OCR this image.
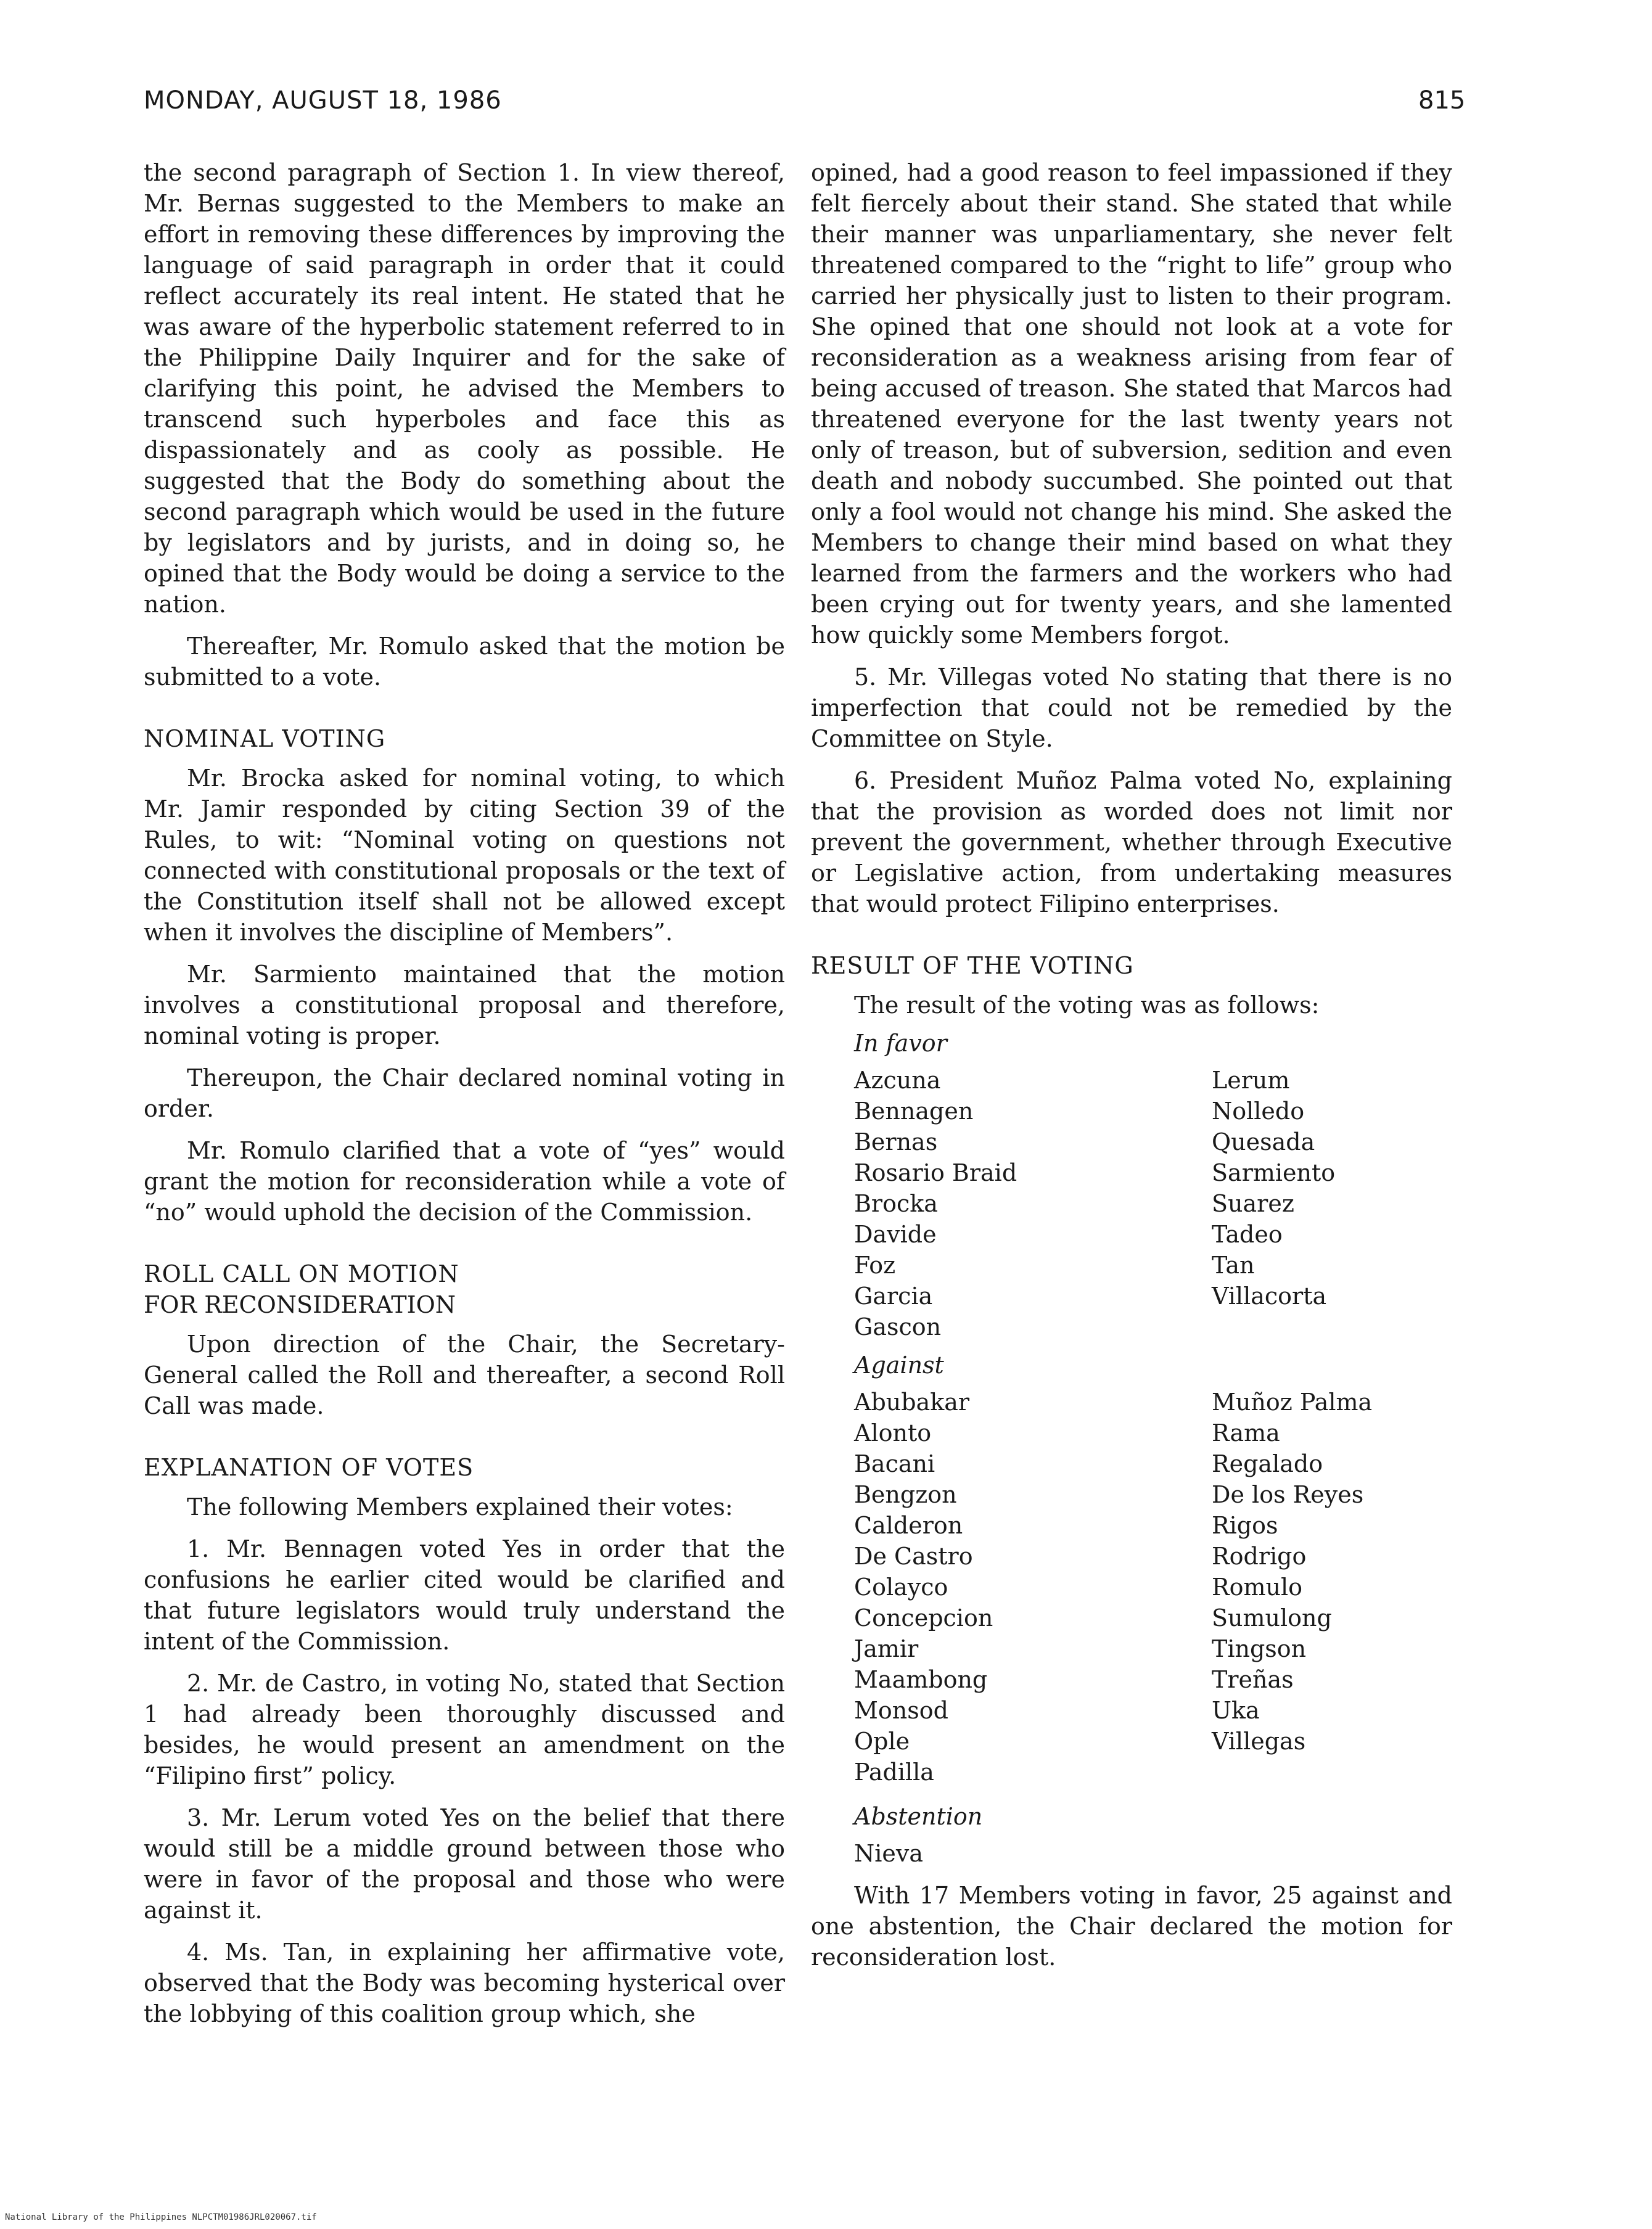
MONDAY, AUGUST 18, 1986	815

the second paragraph of Section 1. In view thereof, Mr. Bernas suggested to the Members to make an effort in removing these differences by improving the language of said paragraph in order that it could reflect accurately its real intent. He stated that he was aware of the hyperbolic statement referred to in the Philippine Daily Inquirer and for the sake of clarifying this point, he advised the Members to transcend such hyperboles and face this as dispassionately and as cooly as possible. He suggested that the Body do something about the second paragraph which would be used in the future by legislators and by jurists, and in doing so, he opined that the Body would be doing a service to the nation.

Thereafter, Mr. Romulo asked that the motion be submitted to a vote.

NOMINAL VOTING

Mr. Brocka asked for nominal voting, to which Mr. Jamir responded by citing Section 39 of the Rules, to wit: “Nominal voting on questions not connected with constitutional proposals or the text of the Constitution itself shall not be allowed except when it involves the discipline of Members”.

Mr. Sarmiento maintained that the motion involves a constitutional proposal and therefore, nominal voting is proper.

Thereupon, the Chair declared nominal voting in order.

Mr. Romulo clarified that a vote of “yes” would grant the motion for reconsideration while a vote of “no” would uphold the decision of the Commission.

ROLL CALL ON MOTION
FOR RECONSIDERATION

Upon direction of the Chair, the Secretary-General called the Roll and thereafter, a second Roll Call was made.

EXPLANATION OF VOTES

The following Members explained their votes:

1. Mr. Bennagen voted Yes in order that the confusions he earlier cited would be clarified and that future legislators would truly understand the intent of the Commission.

2. Mr. de Castro, in voting No, stated that Section 1 had already been thoroughly discussed and besides, he would present an amendment on the “Filipino first” policy.

3. Mr. Lerum voted Yes on the belief that there would still be a middle ground between those who were in favor of the proposal and those who were against it.

4. Ms. Tan, in explaining her affirmative vote, observed that the Body was becoming hysterical over the lobbying of this coalition group which, she

opined, had a good reason to feel impassioned if they felt fiercely about their stand. She stated that while their manner was unparliamentary, she never felt threatened compared to the “right to life” group who carried her physically just to listen to their program. She opined that one should not look at a vote for reconsideration as a weakness arising from fear of being accused of treason. She stated that Marcos had threatened everyone for the last twenty years not only of treason, but of subversion, sedition and even death and nobody succumbed. She pointed out that only a fool would not change his mind. She asked the Members to change their mind based on what they learned from the farmers and the workers who had been crying out for twenty years, and she lamented how quickly some Members forgot.

5. Mr. Villegas voted No stating that there is no imperfection that could not be remedied by the Committee on Style.

6. President Muñoz Palma voted No, explaining that the provision as worded does not limit nor prevent the government, whether through Executive or Legislative action, from undertaking measures that would protect Filipino enterprises.

RESULT OF THE VOTING
The result of the voting was as follows:
In favor
Azcuna
Bennagen
Bernas
Rosario Braid
Brocka
Davide
Foz
Garcia
Gascon
Lerum
Nolledo
Quesada
Sarmiento
Suarez
Tadeo
Tan
Villacorta
Against
Abubakar
Alonto
Bacani
Bengzon
Calderon
De Castro
Colayco
Concepcion
Jamir
Maambong
Monsod
Ople
Padilla
Muñoz Palma
Rama
Regalado
De los Reyes
Rigos
Rodrigo
Romulo
Sumulong
Tingson
Treñas
Uka
Villegas
Abstention
Nieva

With 17 Members voting in favor, 25 against and one abstention, the Chair declared the motion for reconsideration lost.

National Library of the Philippines NLPCTM01986JRL020067.tif
